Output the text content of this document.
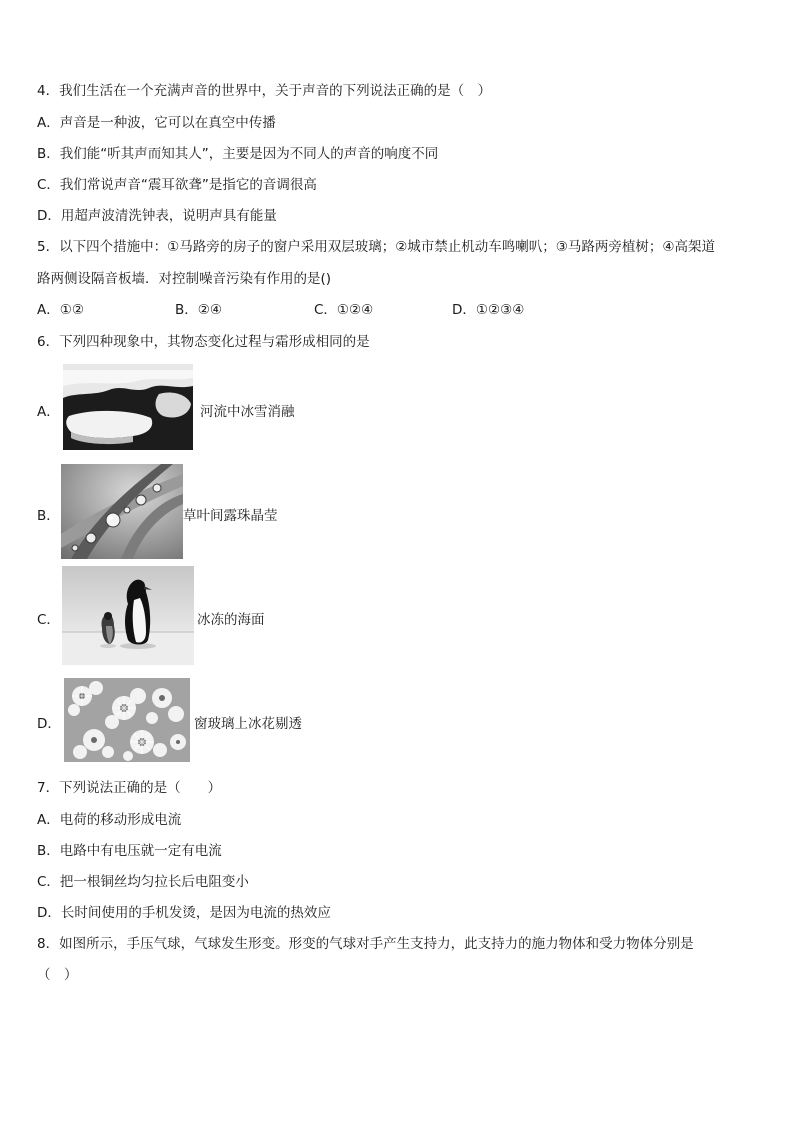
4．我们生活在一个充满声音的世界中，关于声音的下列说法正确的是（　）
A．声音是一种波，它可以在真空中传播
B．我们能“听其声而知其人”，主要是因为不同人的声音的响度不同
C．我们常说声音“震耳欲聋”是指它的音调很高
D．用超声波清洗钟表，说明声具有能量
5．以下四个措施中：①马路旁的房子的窗户采用双层玻璃；②城市禁止机动车鸣喇叭；③马路两旁植树；④高架道
路两侧设隔音板墙．对控制噪音污染有作用的是()
A．①②	B．②④	C．①②④	D．①②③④
6．下列四种现象中，其物态变化过程与霜形成相同的是
A．	河流中冰雪消融
B．	草叶间露珠晶莹
C．	冰冻的海面
D．	窗玻璃上冰花剔透
7．下列说法正确的是（　　）
A．电荷的移动形成电流
B．电路中有电压就一定有电流
C．把一根铜丝均匀拉长后电阻变小
D．长时间使用的手机发烫，是因为电流的热效应
8．如图所示，手压气球，气球发生形变。形变的气球对手产生支持力，此支持力的施力物体和受力物体分别是
（　）
